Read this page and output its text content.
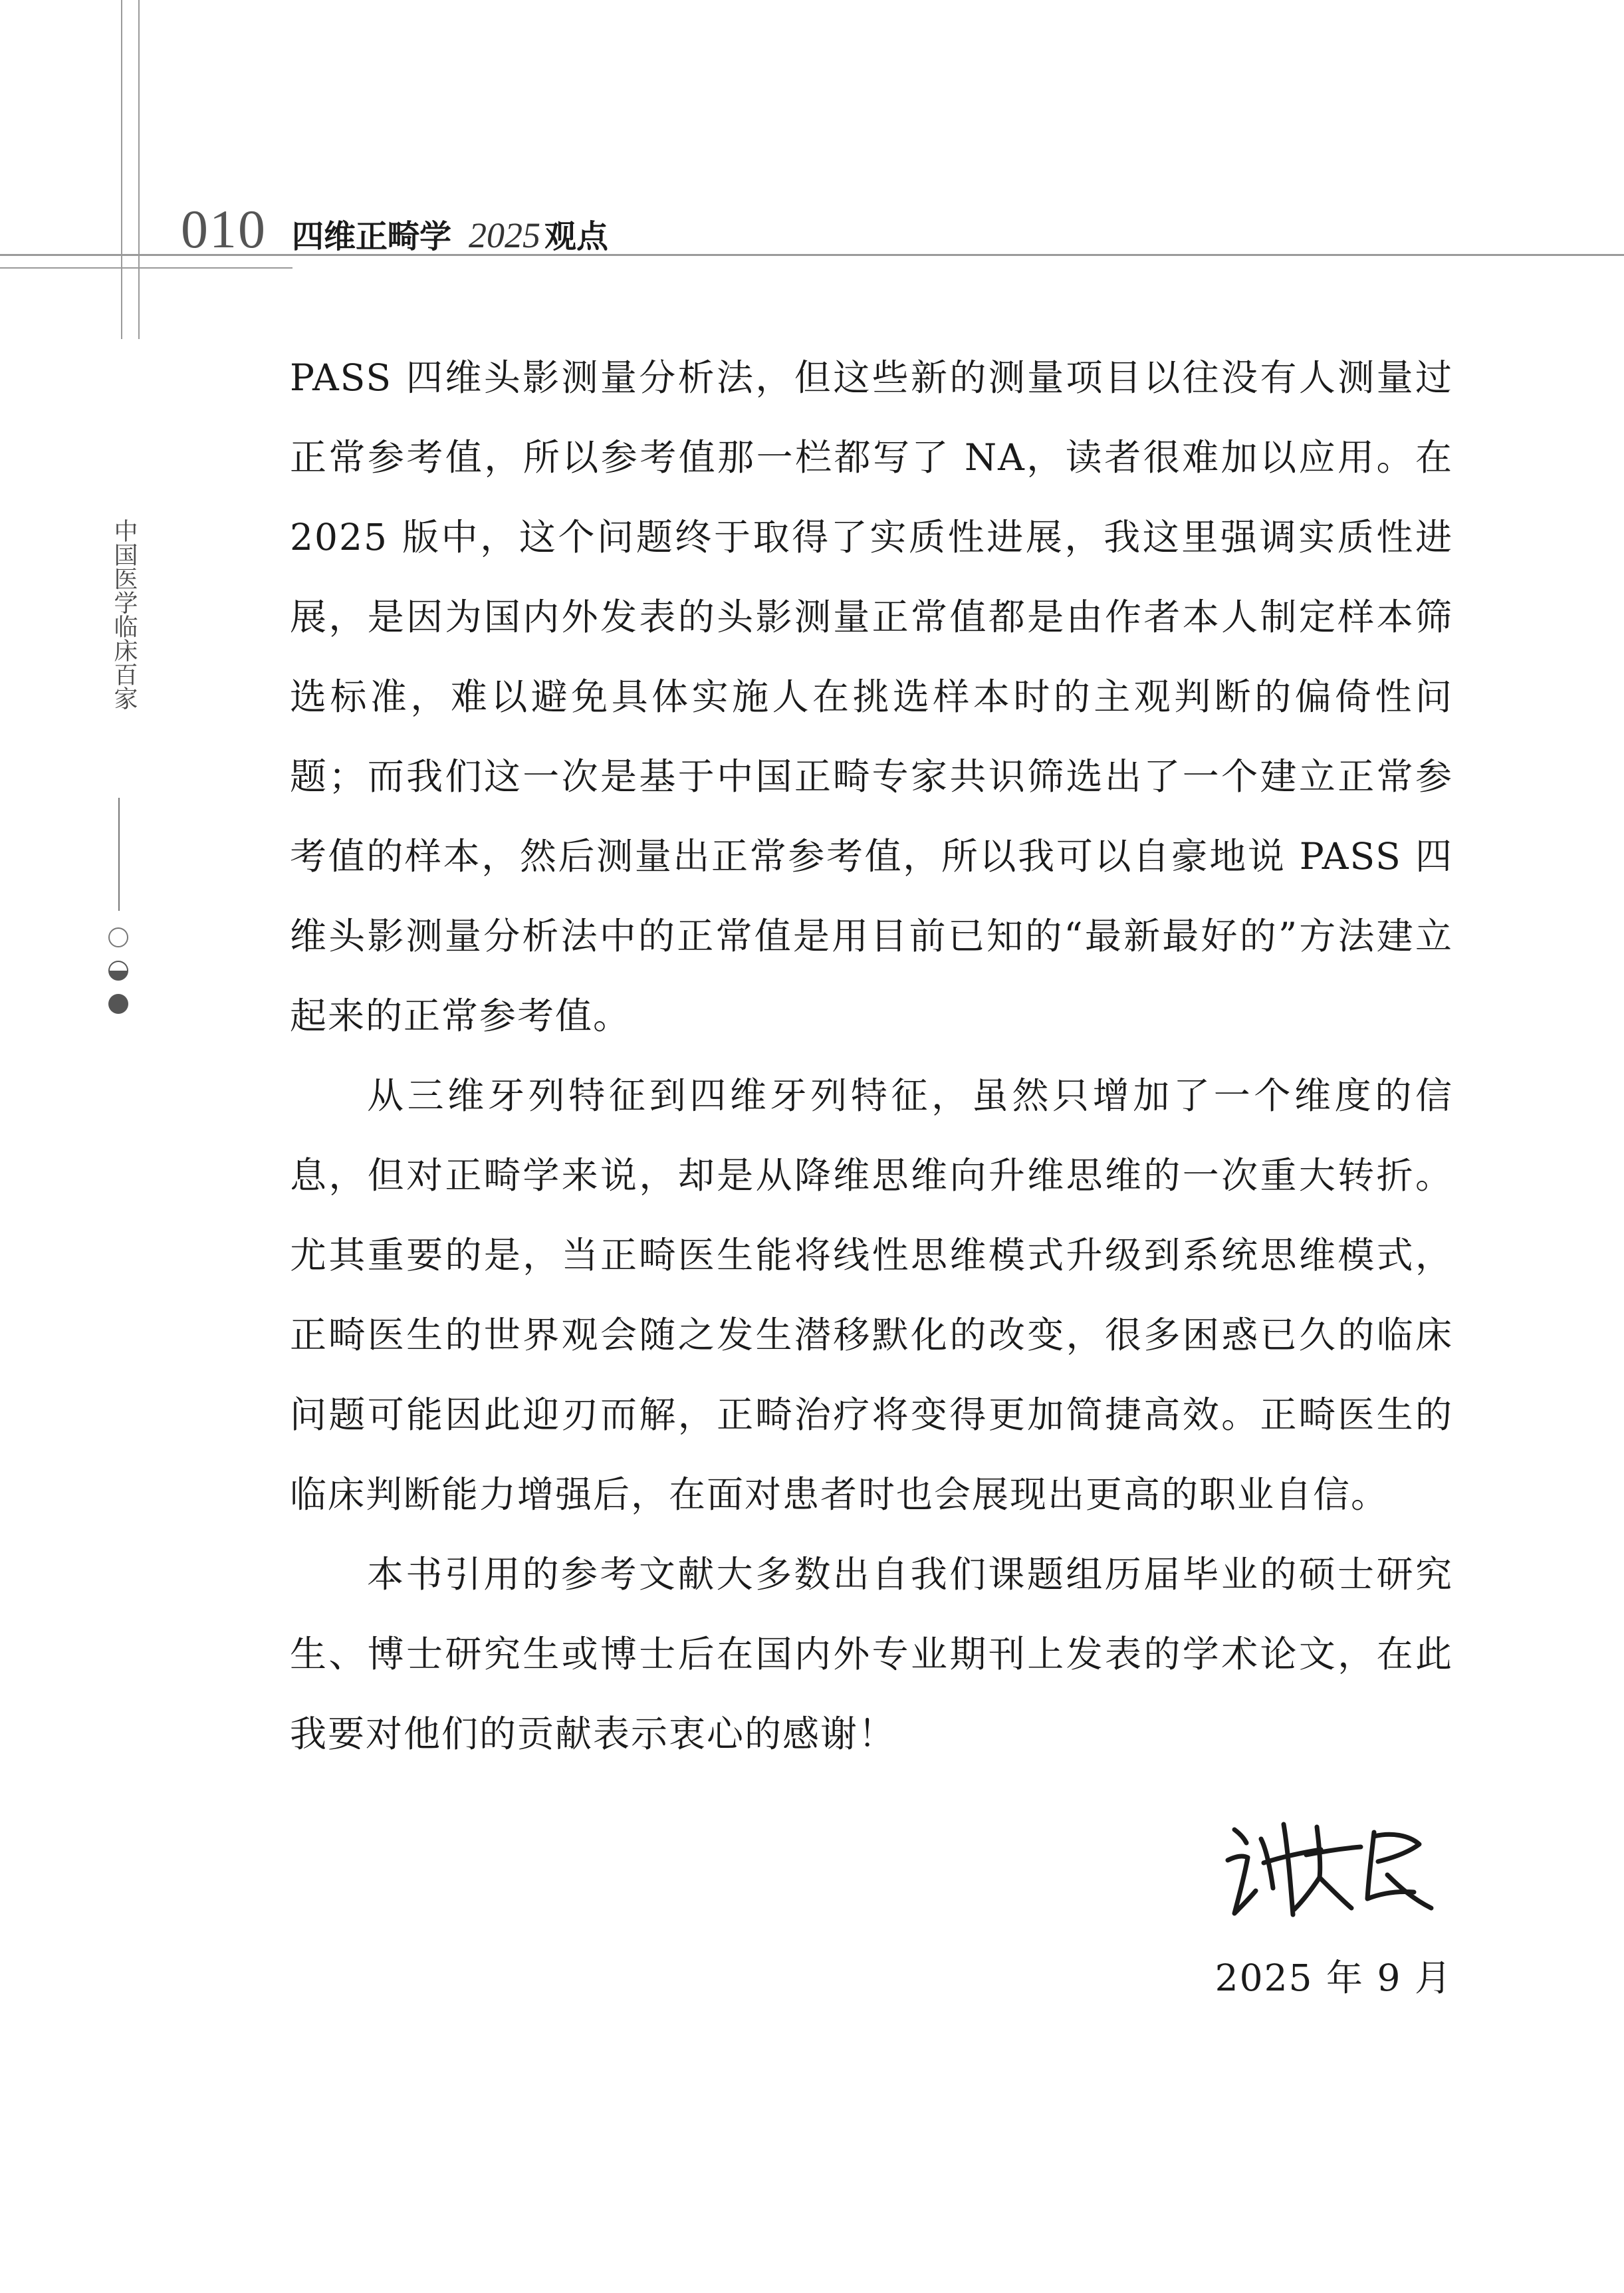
010 四维正畸学 2025 观点
中国医学临床百家

PASS 四维头影测量分析法，但这些新的测量项目以往没有人测量过正常参考值，所以参考值那一栏都写了 NA，读者很难加以应用。在 2025 版中，这个问题终于取得了实质性进展，我这里强调实质性进展，是因为国内外发表的头影测量正常值都是由作者本人制定样本筛选标准，难以避免具体实施人在挑选样本时的主观判断的偏倚性问题；而我们这一次是基于中国正畸专家共识筛选出了一个建立正常参考值的样本，然后测量出正常参考值，所以我可以自豪地说 PASS 四维头影测量分析法中的正常值是用目前已知的“最新最好的”方法建立起来的正常参考值。

从三维牙列特征到四维牙列特征，虽然只增加了一个维度的信息，但对正畸学来说，却是从降维思维向升维思维的一次重大转折。尤其重要的是，当正畸医生能将线性思维模式升级到系统思维模式，正畸医生的世界观会随之发生潜移默化的改变，很多困惑已久的临床问题可能因此迎刃而解，正畸治疗将变得更加简捷高效。正畸医生的临床判断能力增强后，在面对患者时也会展现出更高的职业自信。

本书引用的参考文献大多数出自我们课题组历届毕业的硕士研究生、博士研究生或博士后在国内外专业期刊上发表的学术论文，在此我要对他们的贡献表示衷心的感谢！

2025 年 9 月
